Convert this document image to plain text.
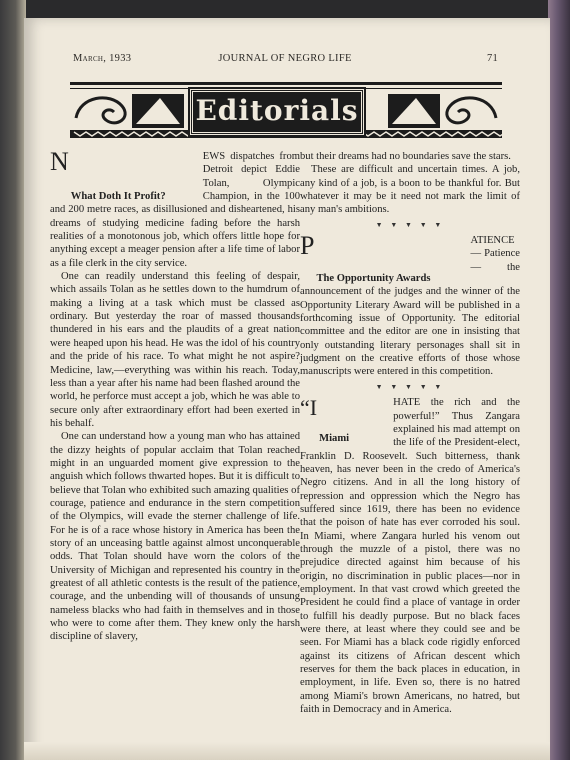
March, 1933	JOURNAL OF NEGRO LIFE	71
Editorials

N
What Doth It Profit?
EWS dispatches from Detroit depict Eddie Tolan, Olympic Champion, in the 100 and 200 metre races, as disillusioned and disheartened, his dreams of studying medicine fading before the harsh realities of a monotonous job, which offers little hope for anything except a meager pension after a life time of labor as a file clerk in the city service.

One can readily understand this feeling of despair, which assails Tolan as he settles down to the humdrum of making a living at a task which must be classed as ordinary. But yesterday the roar of massed thousands thundered in his ears and the plaudits of a great nation were heaped upon his head. He was the idol of his country and the pride of his race. To what might he not aspire? Medicine, law,—everything was within his reach. Today, less than a year after his name had been flashed around the world, he perforce must accept a job, which he was able to secure only after extraordinary effort had been exerted in his behalf.

One can understand how a young man who has attained the dizzy heights of popular acclaim that Tolan reached might in an unguarded moment give expression to the anguish which follows thwarted hopes. But it is difficult to believe that Tolan who exhibited such amazing qualities of courage, patience and endurance in the stern competition of the Olympics, will evade the sterner challenge of life. For he is of a race whose history in America has been the story of an unceasing battle against almost unconquerable odds. That Tolan should have worn the colors of the University of Michigan and represented his country in the greatest of all athletic contests is the result of the patience, courage, and the unbending will of thousands of unsung nameless blacks who had faith in themselves and in those who were to come after them. They knew only the harsh discipline of slavery,

but their dreams had no boundaries save the stars.

These are difficult and uncertain times. A job, any kind of a job, is a boon to be thankful for. But whatever it may be it need not mark the limit of any man's ambitions.

▼ ▼ ▼ ▼ ▼

P
The Opportunity Awards
ATIENCE — Patience — the announcement of the judges and the winner of the Opportunity Literary Award will be published in a forthcoming issue of Opportunity. The editorial committee and the editor are one in insisting that only outstanding literary personages shall sit in judgment on the creative efforts of those whose manuscripts were entered in this competition.

▼ ▼ ▼ ▼ ▼

“I
Miami
HATE the rich and the powerful!” Thus Zangara explained his mad attempt on the life of the President-elect, Franklin D. Roosevelt. Such bitterness, thank heaven, has never been in the credo of America's Negro citizens. And in all the long history of repression and oppression which the Negro has suffered since 1619, there has been no evidence that the poison of hate has ever corroded his soul. In Miami, where Zangara hurled his venom out through the muzzle of a pistol, there was no prejudice directed against him because of his origin, no discrimination in public places—nor in employment. In that vast crowd which greeted the President he could find a place of vantage in order to fulfill his deadly purpose. But no black faces were there, at least where they could see and be seen. For Miami has a black code rigidly enforced against its citizens of African descent which reserves for them the back places in education, in employment, in life. Even so, there is no hatred among Miami's brown Americans, no hatred, but faith in Democracy and in America.
